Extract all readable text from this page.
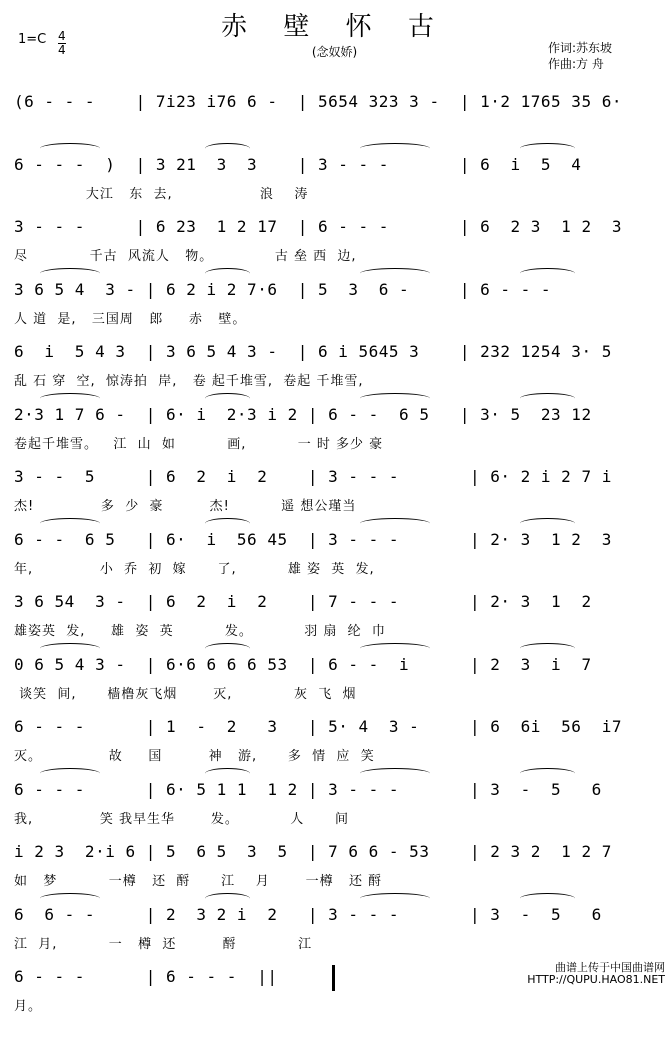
赤 壁 怀 古
(念奴娇)
$1=C \frac{4}{4}$	作词:苏东坡
作曲:方 舟
(6 - - -    | 7i23 i76 6 -  | 5654 323 3 -  | 1·2 1765 35 6·
6 - - -  )  | 3 21  3  3    | 3 - - -       | 6  i  5  4
大江   东  去,                 浪    涛
3 - - -     | 6 23  1 2 17  | 6 - - -       | 6  2 3  1 2  3
尽            千古  风流人   物。            古 垒 西  边,
3 6 5 4  3 - | 6 2 i 2 7·6  | 5  3  6 -     | 6 - - -
人 道  是,   三国周   郎     赤   壁。
6  i  5 4 3  | 3 6 5 4 3 -  | 6 i 5645 3    | 232 1254 3· 5
乱 石 穿  空,  惊涛拍  岸,   卷 起千堆雪,  卷起 千堆雪,
2·3 1 7 6 -  | 6· i  2·3 i 2 | 6 - -  6 5   | 3· 5  23 12
卷起千堆雪。   江  山  如          画,          一 时 多少 豪
3 - -  5     | 6  2  i  2    | 3 - - -       | 6· 2 i 2 7 i
杰!             多  少  豪         杰!          遥 想公瑾当
6 - -  6 5   | 6·  i  56 45  | 3 - - -       | 2· 3  1 2  3
年,             小  乔  初  嫁      了,          雄 姿  英  发,
3 6 54  3 -  | 6  2  i  2    | 7 - - -       | 2· 3  1  2
雄姿英  发,     雄  姿  英          发。          羽 扇  纶  巾
0 6 5 4 3 -  | 6·6 6 6 6 53  | 6 - -  i      | 2  3  i  7
谈笑  间,      樯橹灰飞烟       灭,            灰  飞  烟
6 - - -      | 1  -  2   3   | 5· 4  3 -     | 6  6i  56  i7
灭。             故     国         神   游,      多  情  应  笑
6 - - -      | 6· 5 1 1  1 2 | 3 - - -       | 3  -  5   6
我,             笑 我早生华       发。          人      间
i 2 3  2·i 6 | 5  6 5  3  5  | 7 6 6 - 53    | 2 3 2  1 2 7
如   梦          一樽   还  酹      江    月       一樽   还 酹
6  6 - -     | 2  3 2 i  2   | 3 - - -       | 3  -  5   6
江  月,          一   樽  还         酹            江
6 - - -      | 6 - - -  ||
月。
曲谱上传于中国曲谱网
HTTP://QUPU.HAO81.NET
